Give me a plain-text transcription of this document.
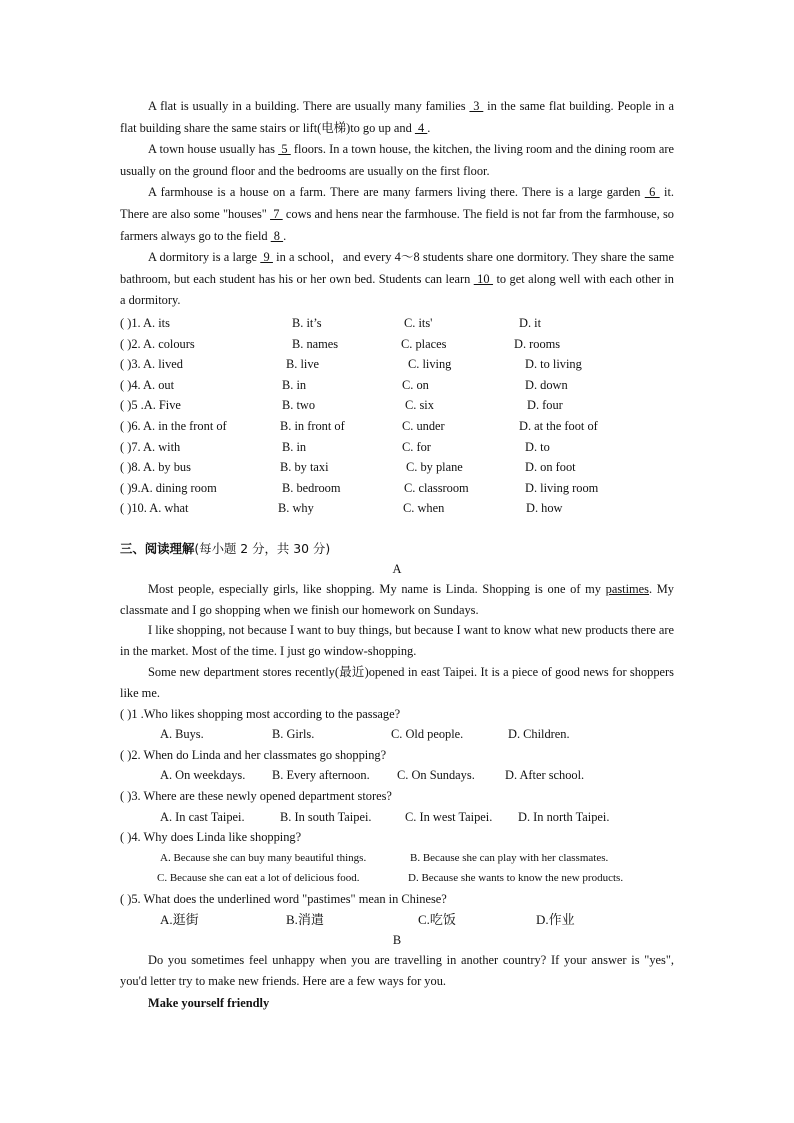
A flat is usually in a building. There are usually many families  3  in the same flat building. People in a flat building share the same stairs or lift(电梯)to go up and  4 .

A town house usually has  5  floors. In a town house, the kitchen, the living room and the dining room are usually on the ground floor and the bedrooms are usually on the first floor.

A farmhouse is a house on a farm. There are many farmers living there. There is a large garden  6  it. There are also some "houses"  7  cows and hens near the farmhouse. The field is not far from the farmhouse, so farmers always go to the field  8 .

A dormitory is a large  9  in a school，and every 4～8 students share one dormitory. They share the same bathroom, but each student has his or her own bed. Students can learn  10  to get along well with each other in a dormitory.

( )1. A. its	B. it’s	C. its'	D. it
( )2. A. colours	B. names	C. places	D. rooms
( )3. A. lived	B. live	C. living	D. to living
( )4. A. out	B. in	C. on	D. down
( )5 .A. Five	B. two	C. six	D. four
( )6. A. in the front of	B. in front of	C. under	D. at the foot of
( )7. A. with	B. in	C. for	D. to
( )8. A. by bus	B. by taxi	C. by plane	D. on foot
( )9.A. dining room	B. bedroom	C. classroom	D. living room
( )10. A. what	B. why	C. when	D. how
三、阅读理解(每小题 2 分，共 30 分)
A

Most people, especially girls, like shopping. My name is Linda. Shopping is one of my pastimes. My classmate and I go shopping when we finish our homework on Sundays.

I like shopping, not because I want to buy things, but because I want to know what new products there are in the market. Most of the time. I just go window-shopping.

Some new department stores recently(最近)opened in east Taipei. It is a piece of good news for shoppers like me.

( )1 .Who likes shopping most according to the passage?
A. Buys.	B. Girls.	C. Old people.	D. Children.
( )2. When do Linda and her classmates go shopping?
A. On weekdays. B. Every afternoon. C. On Sundays. D. After school.
( )3. Where are these newly opened department stores?
A. In cast Taipei.	B. In south Taipei.	C. In west Taipei. D. In north Taipei.
( )4. Why does Linda like shopping?
A. Because she can buy many beautiful things.	B. Because she can play with her classmates.
C. Because she can eat a lot of delicious food.	D. Because she wants to know the new products.
( )5. What does the underlined word "pastimes" mean in Chinese?
A.逛街	B.消遣	C.吃饭	D.作业
B

Do you sometimes feel unhappy when you are travelling in another country? If your answer is "yes", you'd letter try to make new friends. Here are a few ways for you.

Make yourself friendly
